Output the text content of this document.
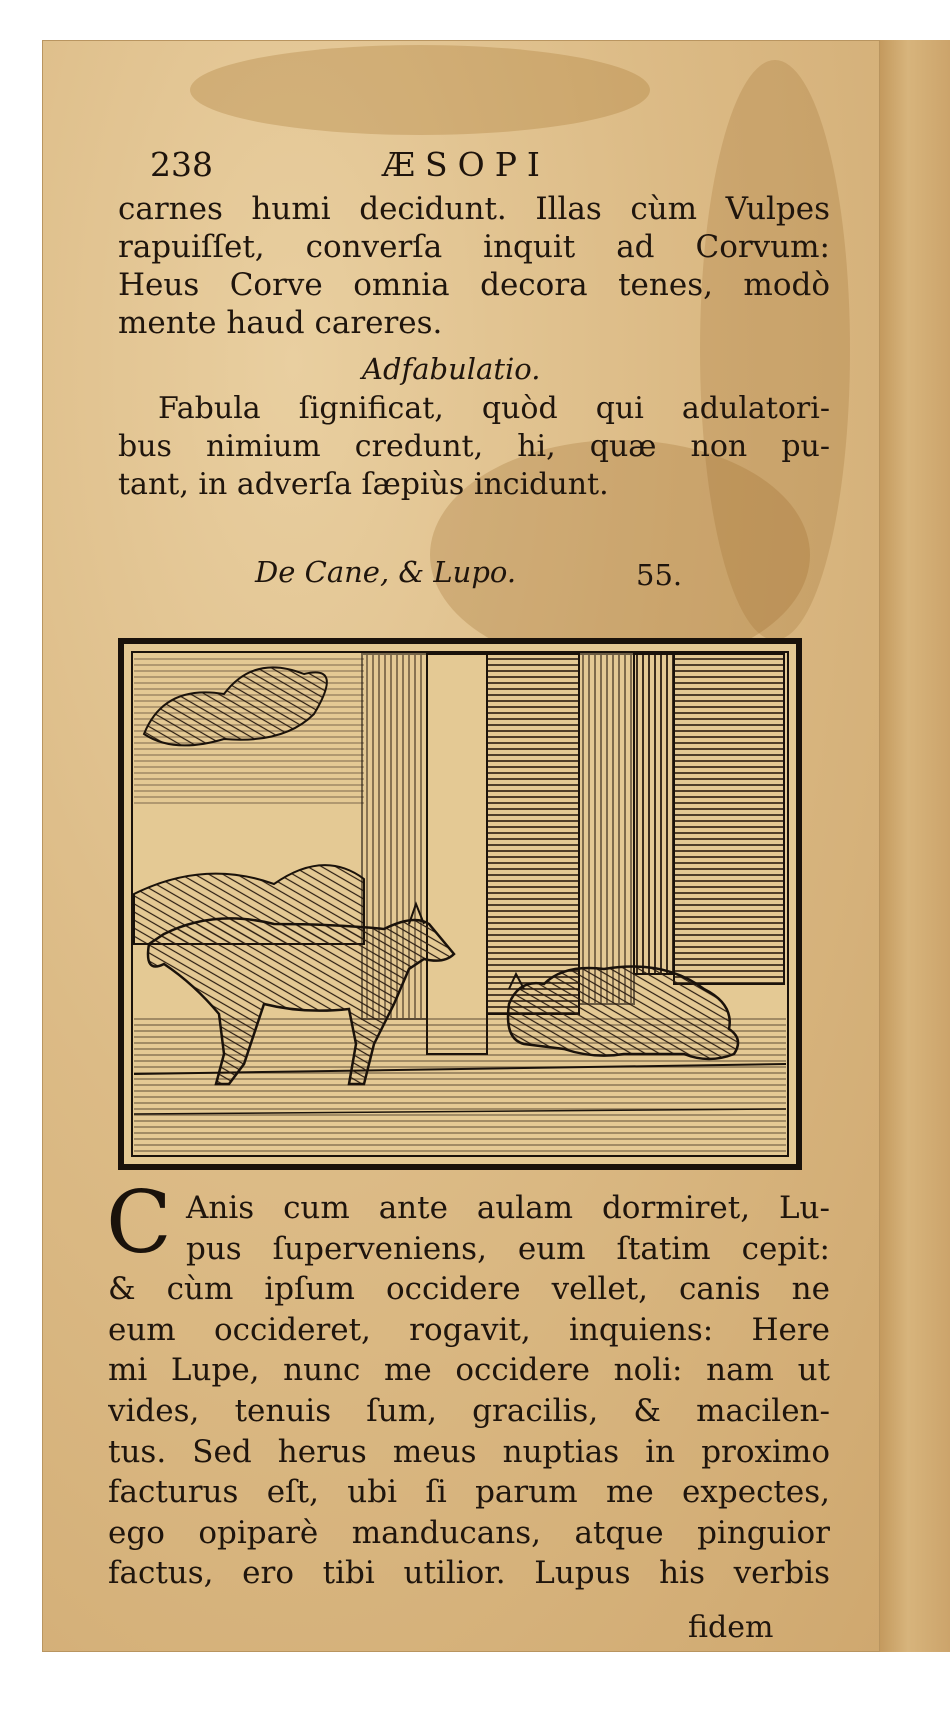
238	ÆSOPI
carnes humi decidunt. Illas cùm Vulpes
rapuiſſet, converſa inquit ad Corvum:
Heus Corve omnia decora tenes, modò
mente haud careres.
Adfabulatio.
Fabula ſignificat, quòd qui adulatori-
bus nimium credunt, hi, quæ non pu-
tant, in adverſa ſæpiùs incidunt.
De Cane, & Lupo.	55.
C Anis cum ante aulam dormiret, Lu-
pus ſuperveniens, eum ſtatim cepit:
& cùm ipſum occidere vellet, canis ne
eum occideret, rogavit, inquiens: Here
mi Lupe, nunc me occidere noli: nam ut
vides, tenuis ſum, gracilis, & macilen-
tus. Sed herus meus nuptias in proximo
facturus eſt, ubi ſi parum me expectes,
ego opiparè manducans, atque pinguior
factus, ero tibi utilior. Lupus his verbis
fidem
